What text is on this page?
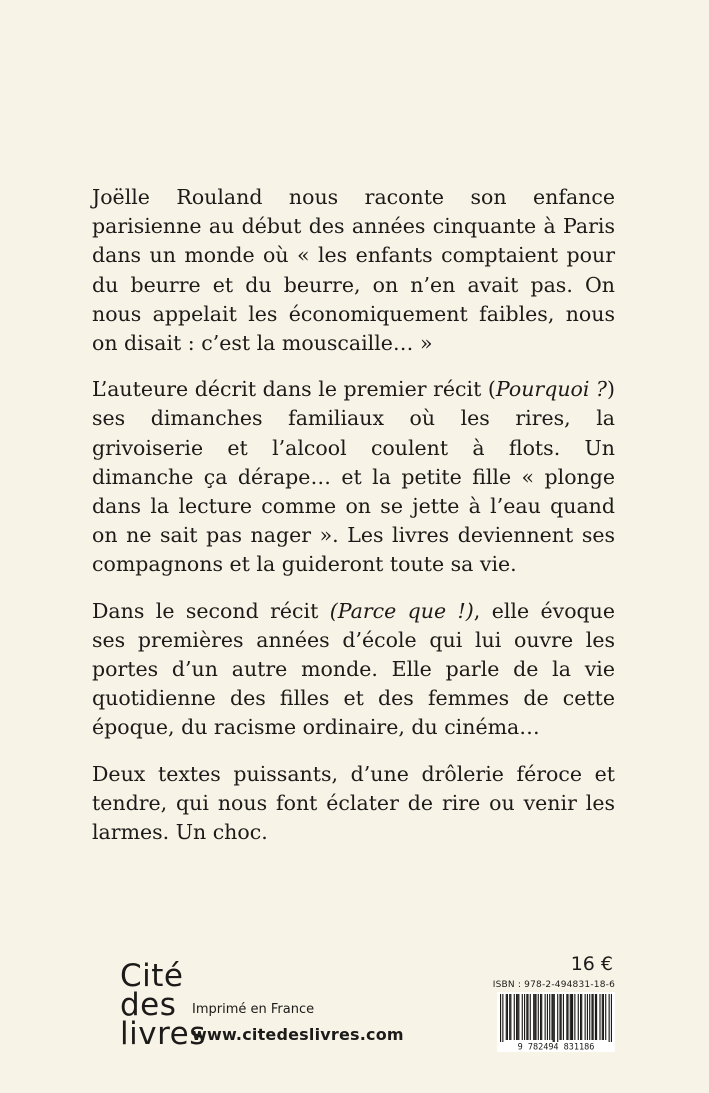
Joëlle Rouland nous raconte son enfance parisienne au début des années cinquante à Paris dans un monde où « les enfants comptaient pour du beurre et du beurre, on n’en avait pas. On nous appelait les économiquement faibles, nous on disait : c’est la mouscaille… »

L’auteure décrit dans le premier récit (Pourquoi ?) ses dimanches familiaux où les rires, la grivoiserie et l’alcool coulent à flots. Un dimanche ça dérape… et la petite fille « plonge dans la lecture comme on se jette à l’eau quand on ne sait pas nager ». Les livres deviennent ses compagnons et la guideront toute sa vie.

Dans le second récit (Parce que !), elle évoque ses premières années d’école qui lui ouvre les portes d’un autre monde. Elle parle de la vie quotidienne des filles et des femmes de cette époque, du racisme ordinaire, du cinéma…

Deux textes puissants, d’une drôlerie féroce et tendre, qui nous font éclater de rire ou venir les larmes. Un choc.

Cité
des
livres
Imprimé en France
www.citedeslivres.com
16 €
ISBN : 978-2-494831-18-6
9 782494 831186
